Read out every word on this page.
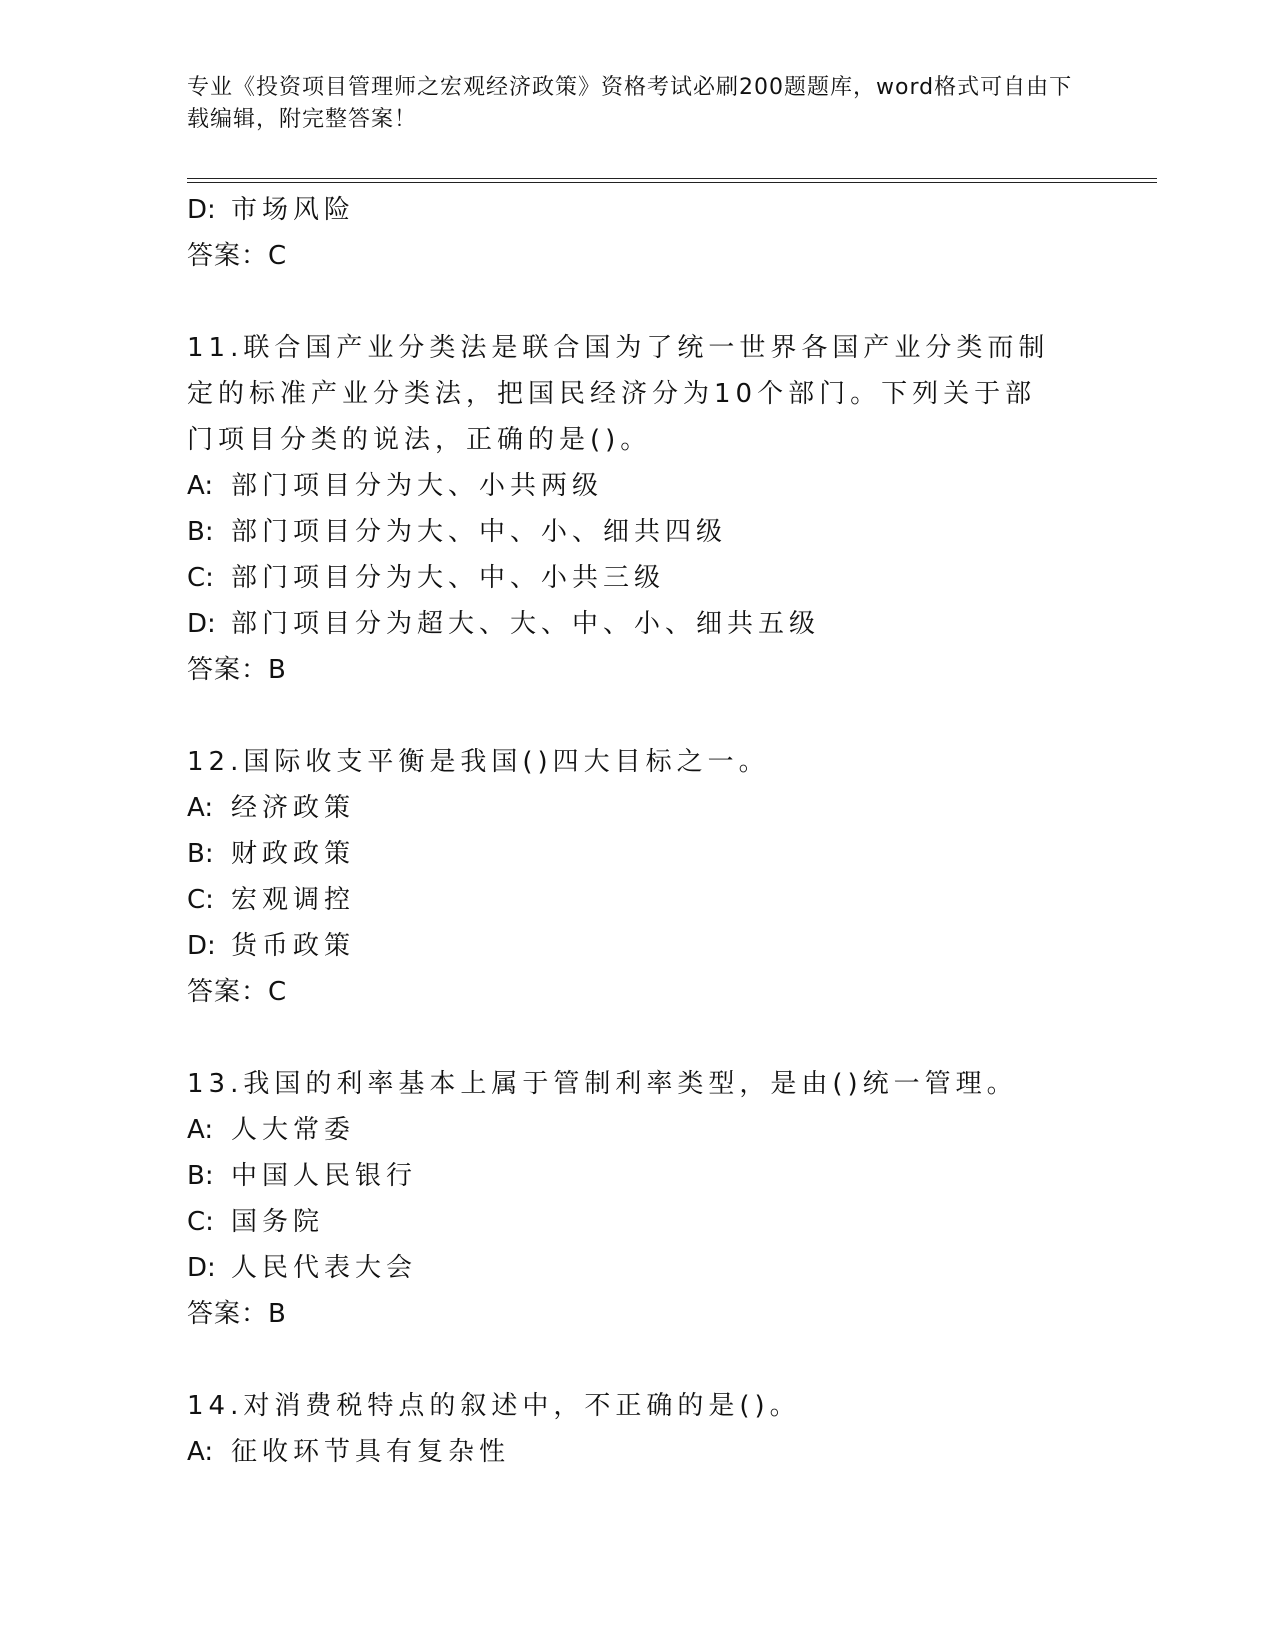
专业《投资项目管理师之宏观经济政策》资格考试必刷200题题库，word格式可自由下载编辑，附完整答案！
D: 市场风险
答案：C
11.联合国产业分类法是联合国为了统一世界各国产业分类而制定的标准产业分类法，把国民经济分为10个部门。下列关于部门项目分类的说法，正确的是()。
A: 部门项目分为大、小共两级
B: 部门项目分为大、中、小、细共四级
C: 部门项目分为大、中、小共三级
D: 部门项目分为超大、大、中、小、细共五级
答案：B
12.国际收支平衡是我国()四大目标之一。
A: 经济政策
B: 财政政策
C: 宏观调控
D: 货币政策
答案：C
13.我国的利率基本上属于管制利率类型，是由()统一管理。
A: 人大常委
B: 中国人民银行
C: 国务院
D: 人民代表大会
答案：B
14.对消费税特点的叙述中，不正确的是()。
A: 征收环节具有复杂性
